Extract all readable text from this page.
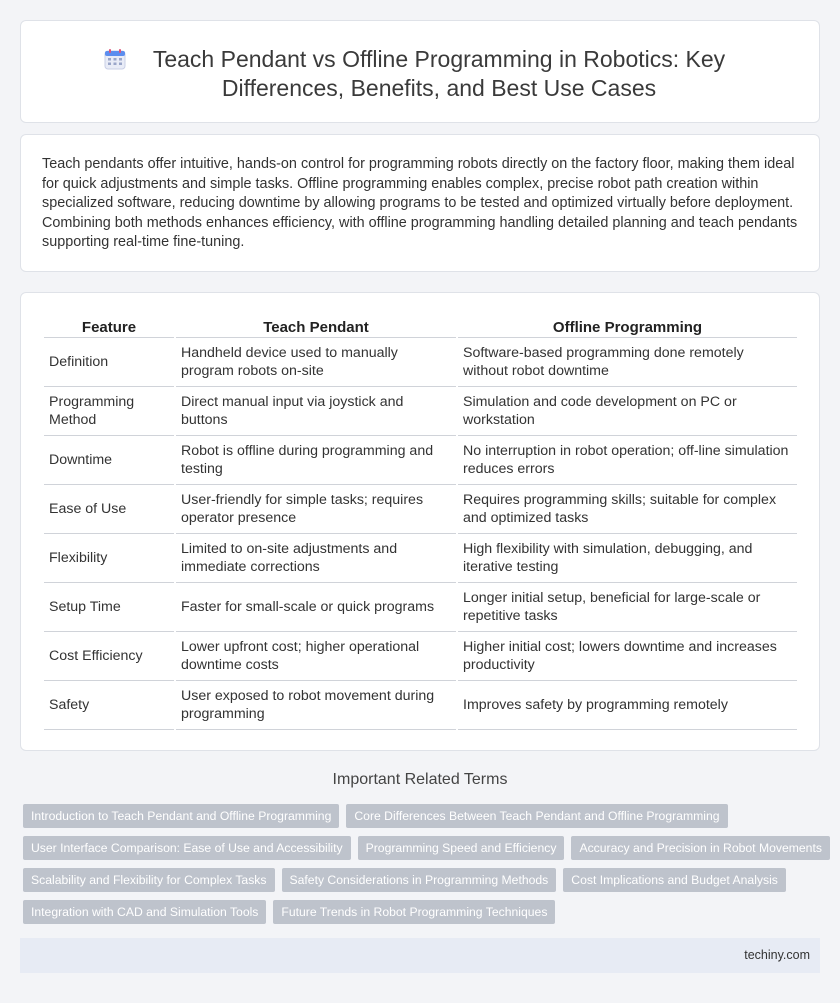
Teach Pendant vs Offline Programming in Robotics: Key Differences, Benefits, and Best Use Cases

Teach pendants offer intuitive, hands-on control for programming robots directly on the factory floor, making them ideal for quick adjustments and simple tasks. Offline programming enables complex, precise robot path creation within specialized software, reducing downtime by allowing programs to be tested and optimized virtually before deployment. Combining both methods enhances efficiency, with offline programming handling detailed planning and teach pendants supporting real-time fine-tuning.

Feature	Teach Pendant	Offline Programming
Definition	Handheld device used to manually program robots on-site	Software-based programming done remotely without robot downtime
Programming Method	Direct manual input via joystick and buttons	Simulation and code development on PC or workstation
Downtime	Robot is offline during programming and testing	No interruption in robot operation; off-line simulation reduces errors
Ease of Use	User-friendly for simple tasks; requires operator presence	Requires programming skills; suitable for complex and optimized tasks
Flexibility	Limited to on-site adjustments and immediate corrections	High flexibility with simulation, debugging, and iterative testing
Setup Time	Faster for small-scale or quick programs	Longer initial setup, beneficial for large-scale or repetitive tasks
Cost Efficiency	Lower upfront cost; higher operational downtime costs	Higher initial cost; lowers downtime and increases productivity
Safety	User exposed to robot movement during programming	Improves safety by programming remotely
Important Related Terms
Introduction to Teach Pendant and Offline Programming	Core Differences Between Teach Pendant and Offline Programming
User Interface Comparison: Ease of Use and Accessibility	Programming Speed and Efficiency	Accuracy and Precision in Robot Movements
Scalability and Flexibility for Complex Tasks	Safety Considerations in Programming Methods	Cost Implications and Budget Analysis
Integration with CAD and Simulation Tools	Future Trends in Robot Programming Techniques
techiny.com
